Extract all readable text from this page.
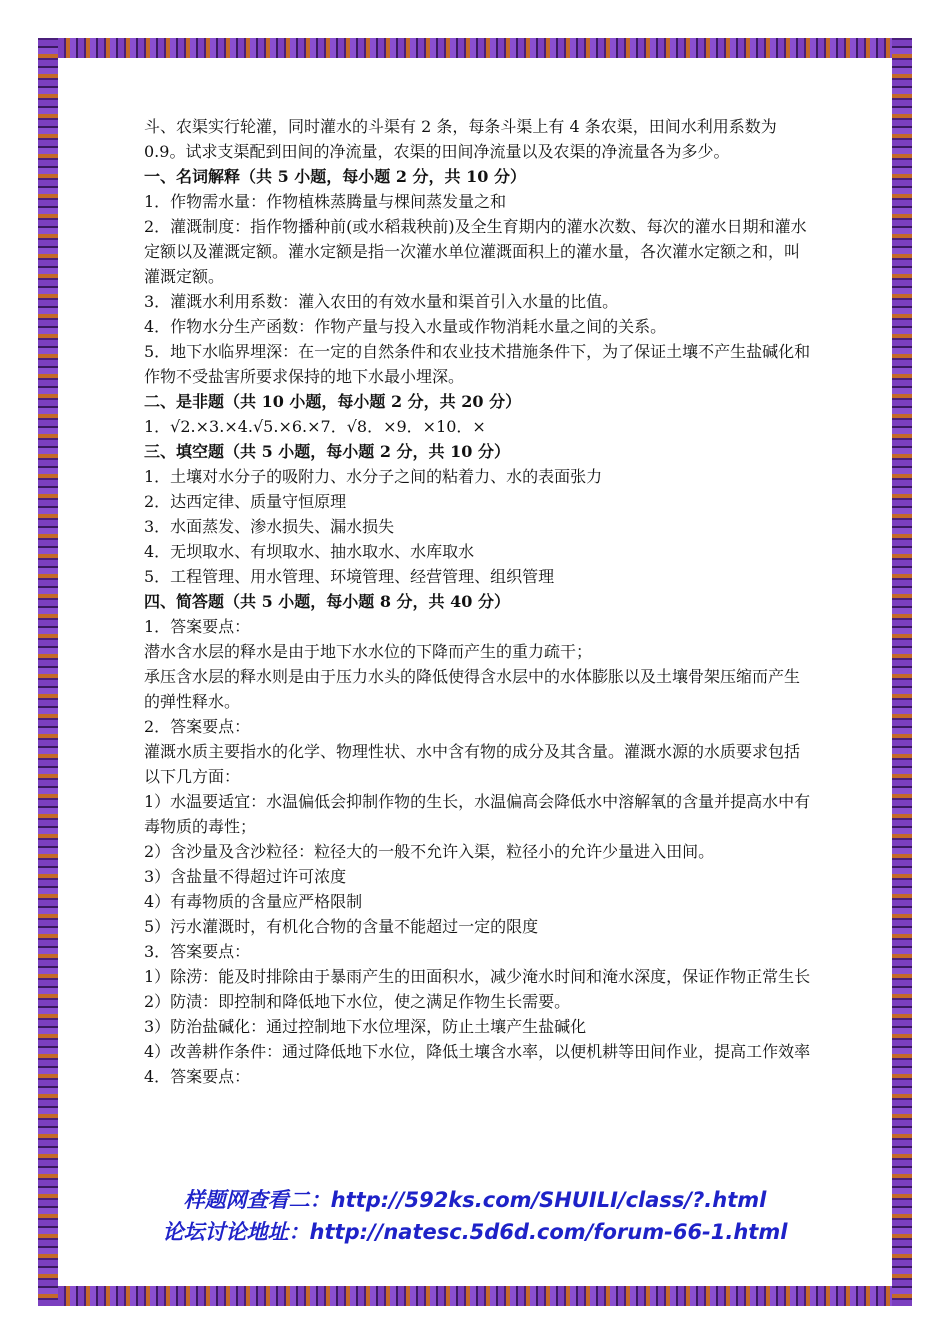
斗、农渠实行轮灌，同时灌水的斗渠有 2 条，每条斗渠上有 4 条农渠，田间水利用系数为 0.9。试求支渠配到田间的净流量，农渠的田间净流量以及农渠的净流量各为多少。

一、名词解释（共 5 小题，每小题 2 分，共 10 分）

1．作物需水量：作物植株蒸腾量与棵间蒸发量之和

2．灌溉制度：指作物播种前(或水稻栽秧前)及全生育期内的灌水次数、每次的灌水日期和灌水定额以及灌溉定额。灌水定额是指一次灌水单位灌溉面积上的灌水量，各次灌水定额之和，叫灌溉定额。

3．灌溉水利用系数：灌入农田的有效水量和渠首引入水量的比值。

4．作物水分生产函数：作物产量与投入水量或作物消耗水量之间的关系。

5．地下水临界埋深：在一定的自然条件和农业技术措施条件下，为了保证土壤不产生盐碱化和作物不受盐害所要求保持的地下水最小埋深。

二、是非题（共 10 小题，每小题 2 分，共 20 分）

1．√2.×3.×4.√5.×6.×7．√8．×9．×10．×

三、填空题（共 5 小题，每小题 2 分，共 10 分）

1．土壤对水分子的吸附力、水分子之间的粘着力、水的表面张力

2．达西定律、质量守恒原理

3．水面蒸发、渗水损失、漏水损失

4．无坝取水、有坝取水、抽水取水、水库取水

5．工程管理、用水管理、环境管理、经营管理、组织管理

四、简答题（共 5 小题，每小题 8 分，共 40 分）

1．答案要点：

潜水含水层的释水是由于地下水水位的下降而产生的重力疏干；

承压含水层的释水则是由于压力水头的降低使得含水层中的水体膨胀以及土壤骨架压缩而产生的弹性释水。

2．答案要点：

灌溉水质主要指水的化学、物理性状、水中含有物的成分及其含量。灌溉水源的水质要求包括以下几方面：

1）水温要适宜：水温偏低会抑制作物的生长，水温偏高会降低水中溶解氧的含量并提高水中有毒物质的毒性；

2）含沙量及含沙粒径：粒径大的一般不允许入渠，粒径小的允许少量进入田间。

3）含盐量不得超过许可浓度

4）有毒物质的含量应严格限制

5）污水灌溉时，有机化合物的含量不能超过一定的限度

3．答案要点：

1）除涝：能及时排除由于暴雨产生的田面积水，减少淹水时间和淹水深度，保证作物正常生长

2）防渍：即控制和降低地下水位，使之满足作物生长需要。

3）防治盐碱化：通过控制地下水位埋深，防止土壤产生盐碱化

4）改善耕作条件：通过降低地下水位，降低土壤含水率，以便机耕等田间作业，提高工作效率

4．答案要点：

样题网查看二：http://592ks.com/SHUILI/class/?.html
论坛讨论地址：http://natesc.5d6d.com/forum-66-1.html
